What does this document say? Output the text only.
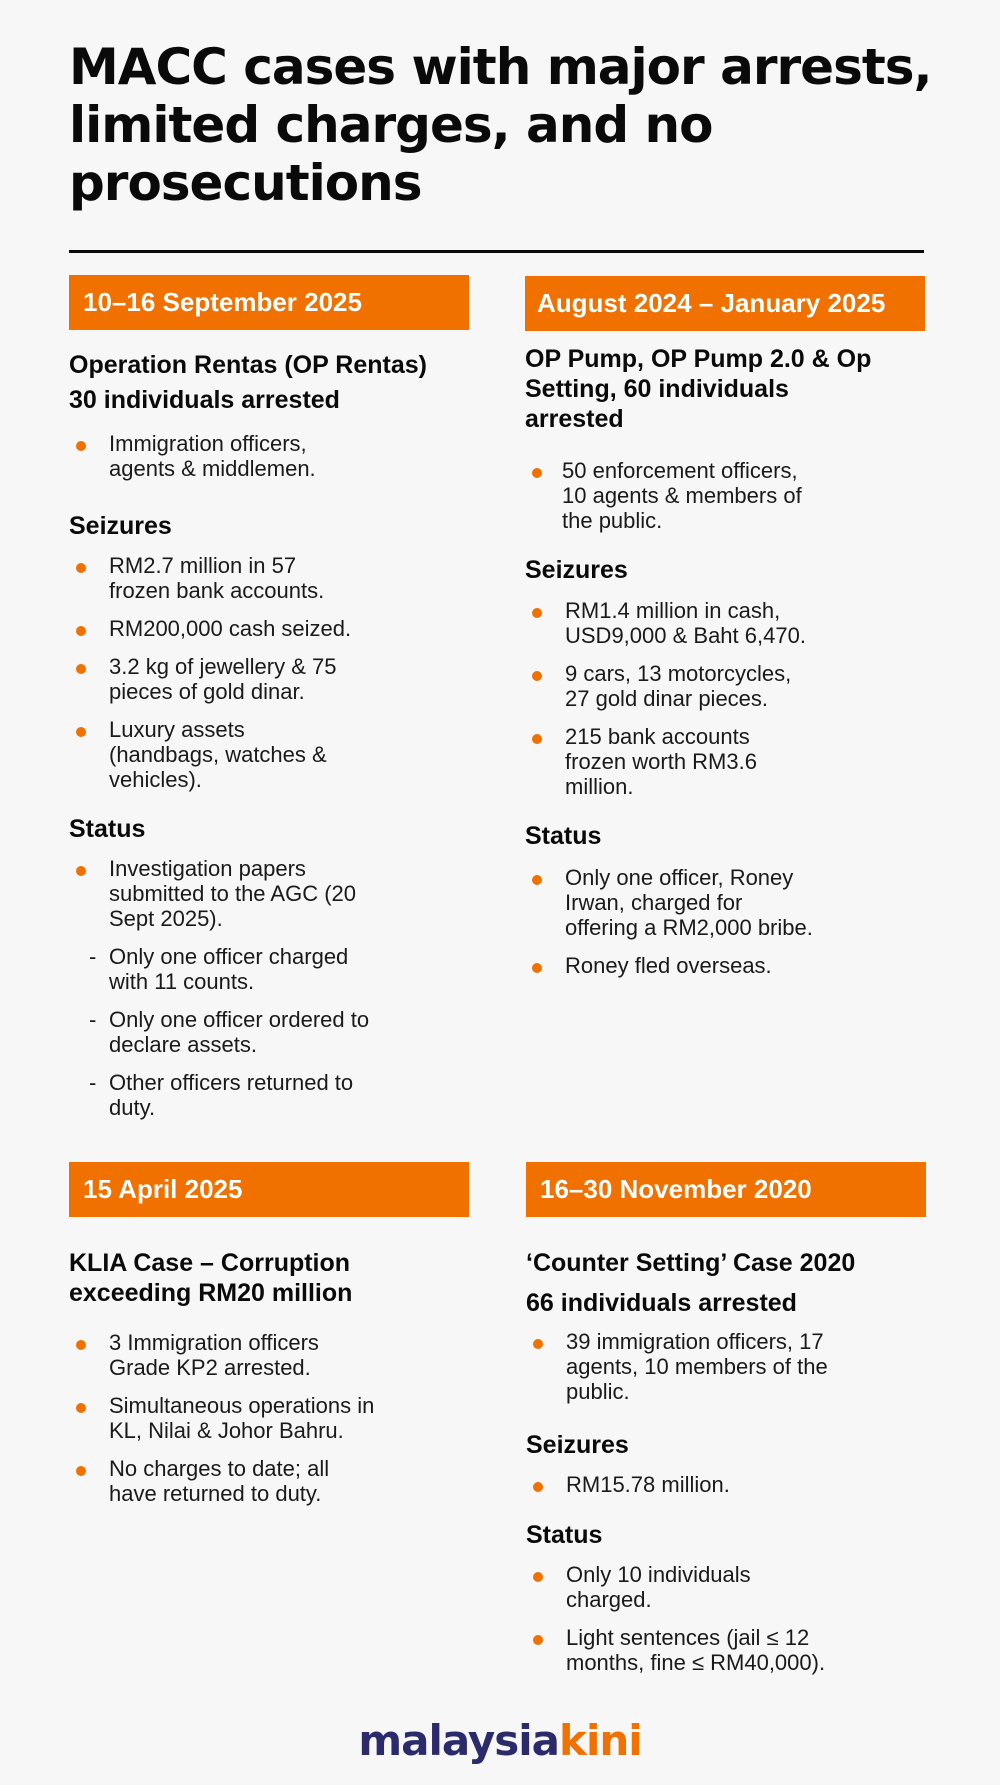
MACC cases with major arrests, limited charges, and no prosecutions
10–16 September 2025
Operation Rentas (OP Rentas)
30 individuals arrested
Immigration officers, agents & middlemen.
Seizures
RM2.7 million in 57 frozen bank accounts.
RM200,000 cash seized.
3.2 kg of jewellery & 75 pieces of gold dinar.
Luxury assets (handbags, watches & vehicles).
Status
Investigation papers submitted to the AGC (20 Sept 2025).
- Only one officer charged with 11 counts.
- Only one officer ordered to declare assets.
- Other officers returned to duty.
August 2024 – January 2025
OP Pump, OP Pump 2.0 & Op Setting, 60 individuals arrested
50 enforcement officers, 10 agents & members of the public.
Seizures
RM1.4 million in cash, USD9,000 & Baht 6,470.
9 cars, 13 motorcycles, 27 gold dinar pieces.
215 bank accounts frozen worth RM3.6 million.
Status
Only one officer, Roney Irwan, charged for offering a RM2,000 bribe.
Roney fled overseas.
15 April 2025
KLIA Case – Corruption exceeding RM20 million
3 Immigration officers Grade KP2 arrested.
Simultaneous operations in KL, Nilai & Johor Bahru.
No charges to date; all have returned to duty.
16–30 November 2020
‘Counter Setting’ Case 2020
66 individuals arrested
39 immigration officers, 17 agents, 10 members of the public.
Seizures
RM15.78 million.
Status
Only 10 individuals charged.
Light sentences (jail ≤ 12 months, fine ≤ RM40,000).
malaysiakini
